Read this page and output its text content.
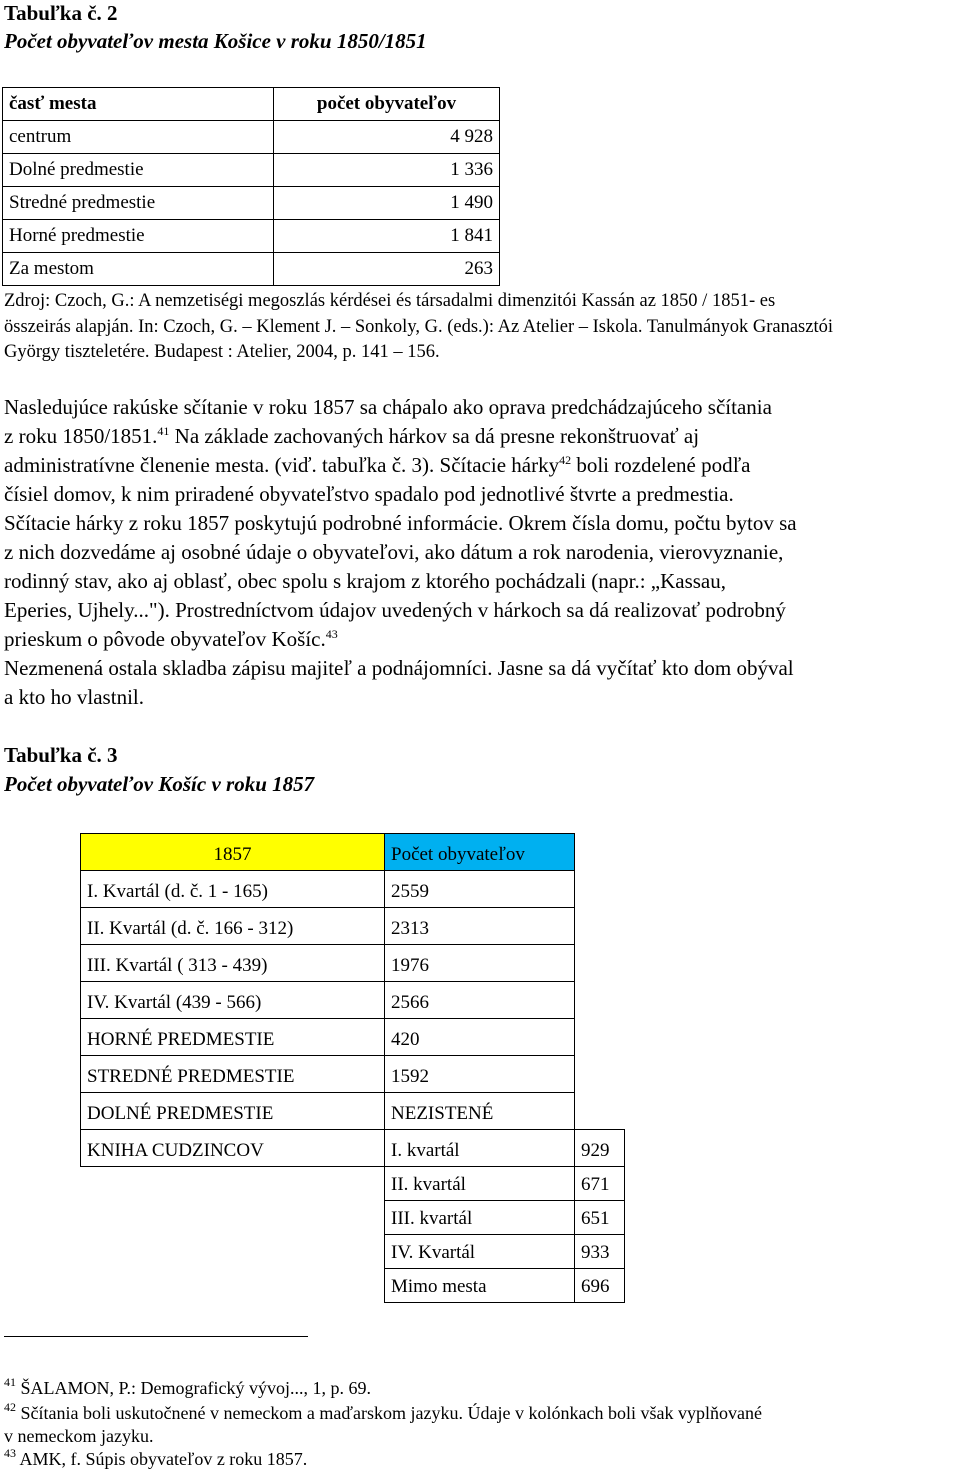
Tabuľka č. 2
Počet obyvateľov mesta Košice v roku 1850/1851
časť mesta	počet obyvateľov
centrum	4 928
Dolné predmestie	1 336
Stredné predmestie	1 490
Horné predmestie	1 841
Za mestom	263
Zdroj: Czoch, G.: A nemzetiségi megoszlás kérdései és társadalmi dimenzitói Kassán az 1850 / 1851- es
összeirás alapján. In: Czoch, G. – Klement J. – Sonkoly, G. (eds.): Az Atelier – Iskola. Tanulmányok Granasztói
György tiszteletére. Budapest : Atelier, 2004, p. 141 – 156.
Nasledujúce rakúske sčítanie v roku 1857 sa chápalo ako oprava predchádzajúceho sčítania
z roku 1850/1851.41 Na základe zachovaných hárkov sa dá presne rekonštruovať aj
administratívne členenie mesta. (viď. tabuľka č. 3). Sčítacie hárky$^{42}$ boli rozdelené podľa
čísiel domov, k nim priradené obyvateľstvo spadalo pod jednotlivé štvrte a predmestia.
Sčítacie hárky z roku 1857 poskytujú podrobné informácie. Okrem čísla domu, počtu bytov sa
z nich dozvedáme aj osobné údaje o obyvateľovi, ako dátum a rok narodenia, vierovyznanie,
rodinný stav, ako aj oblasť, obec spolu s krajom z ktorého pochádzali (napr.: „Kassau,
Eperies, Ujhely..."). Prostredníctvom údajov uvedených v hárkoch sa dá realizovať podrobný
prieskum o pôvode obyvateľov Košíc.$^{43}$
Nezmenená ostala skladba zápisu majiteľ a podnájomníci. Jasne sa dá vyčítať kto dom obýval
a kto ho vlastnil.
Tabuľka č. 3
Počet obyvateľov Košíc v roku 1857
1857	Počet obyvateľov	
I. Kvartál (d. č. 1 - 165)	2559	
II. Kvartál (d. č. 166 - 312)	2313	
III. Kvartál ( 313 - 439)	1976	
IV. Kvartál (439 - 566)	2566	
HORNÉ PREDMESTIE	420	
STREDNÉ PREDMESTIE	1592	
DOLNÉ PREDMESTIE	NEZISTENÉ	
KNIHA CUDZINCOV	I. kvartál	929
	II. kvartál	671
	III. kvartál	651
	IV. Kvartál	933
	Mimo mesta	696
$^{41}$ ŠALAMON, P.: Demografický vývoj..., 1, p. 69.
$^{42}$ Sčítania boli uskutočnené v nemeckom a maďarskom jazyku. Údaje v kolónkach boli však vyplňované
v nemeckom jazyku.
$^{43}$ AMK, f. Súpis obyvateľov z roku 1857.
